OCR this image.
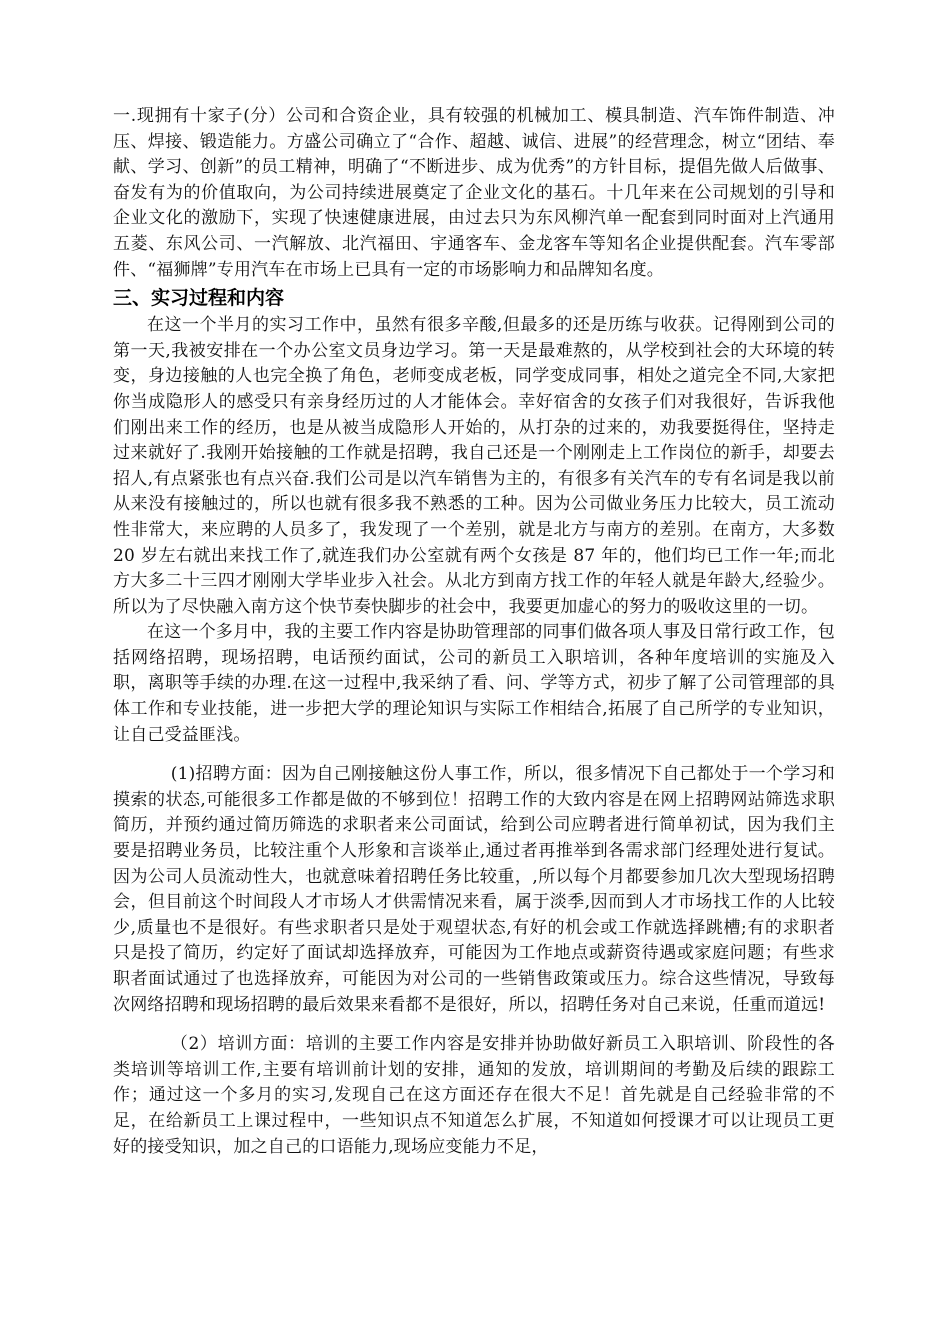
一.现拥有十家子(分）公司和合资企业，具有较强的机械加工、模具制造、汽车饰件制造、冲压、焊接、锻造能力。方盛公司确立了“合作、超越、诚信、进展”的经营理念，树立“团结、奉献、学习、创新”的员工精神，明确了“不断进步、成为优秀”的方针目标，提倡先做人后做事、奋发有为的价值取向，为公司持续进展奠定了企业文化的基石。十几年来在公司规划的引导和企业文化的激励下，实现了快速健康进展，由过去只为东风柳汽单一配套到同时面对上汽通用五菱、东风公司、一汽解放、北汽福田、宇通客车、金龙客车等知名企业提供配套。汽车零部件、“福狮牌”专用汽车在市场上已具有一定的市场影响力和品牌知名度。

三、实习过程和内容

在这一个半月的实习工作中，虽然有很多辛酸,但最多的还是历练与收获。记得刚到公司的第一天,我被安排在一个办公室文员身边学习。第一天是最难熬的，从学校到社会的大环境的转变，身边接触的人也完全换了角色，老师变成老板，同学变成同事，相处之道完全不同,大家把你当成隐形人的感受只有亲身经历过的人才能体会。幸好宿舍的女孩子们对我很好，告诉我他们刚出来工作的经历，也是从被当成隐形人开始的，从打杂的过来的，劝我要挺得住，坚持走过来就好了.我刚开始接触的工作就是招聘，我自己还是一个刚刚走上工作岗位的新手，却要去招人,有点紧张也有点兴奋.我们公司是以汽车销售为主的，有很多有关汽车的专有名词是我以前从来没有接触过的，所以也就有很多我不熟悉的工种。因为公司做业务压力比较大，员工流动性非常大，来应聘的人员多了，我发现了一个差别，就是北方与南方的差别。在南方，大多数 20 岁左右就出来找工作了,就连我们办公室就有两个女孩是 87 年的，他们均已工作一年;而北方大多二十三四才刚刚大学毕业步入社会。从北方到南方找工作的年轻人就是年龄大,经验少。所以为了尽快融入南方这个快节奏快脚步的社会中，我要更加虚心的努力的吸收这里的一切。

在这一个多月中，我的主要工作内容是协助管理部的同事们做各项人事及日常行政工作，包括网络招聘，现场招聘，电话预约面试，公司的新员工入职培训，各种年度培训的实施及入职，离职等手续的办理.在这一过程中,我采纳了看、问、学等方式，初步了解了公司管理部的具体工作和专业技能，进一步把大学的理论知识与实际工作相结合,拓展了自己所学的专业知识，让自己受益匪浅。

(1)招聘方面：因为自己刚接触这份人事工作，所以，很多情况下自己都处于一个学习和摸索的状态,可能很多工作都是做的不够到位！招聘工作的大致内容是在网上招聘网站筛选求职简历，并预约通过简历筛选的求职者来公司面试，给到公司应聘者进行简单初试，因为我们主要是招聘业务员，比较注重个人形象和言谈举止,通过者再推举到各需求部门经理处进行复试。因为公司人员流动性大，也就意味着招聘任务比较重，,所以每个月都要参加几次大型现场招聘会，但目前这个时间段人才市场人才供需情况来看，属于淡季,因而到人才市场找工作的人比较少,质量也不是很好。有些求职者只是处于观望状态,有好的机会或工作就选择跳槽;有的求职者只是投了简历，约定好了面试却选择放弃，可能因为工作地点或薪资待遇或家庭问题；有些求职者面试通过了也选择放弃，可能因为对公司的一些销售政策或压力。综合这些情况，导致每次网络招聘和现场招聘的最后效果来看都不是很好，所以，招聘任务对自己来说，任重而道远!

（2）培训方面：培训的主要工作内容是安排并协助做好新员工入职培训、阶段性的各类培训等培训工作,主要有培训前计划的安排，通知的发放，培训期间的考勤及后续的跟踪工作；通过这一个多月的实习,发现自己在这方面还存在很大不足！首先就是自己经验非常的不足，在给新员工上课过程中，一些知识点不知道怎么扩展，不知道如何授课才可以让现员工更好的接受知识，加之自己的口语能力,现场应变能力不足，
